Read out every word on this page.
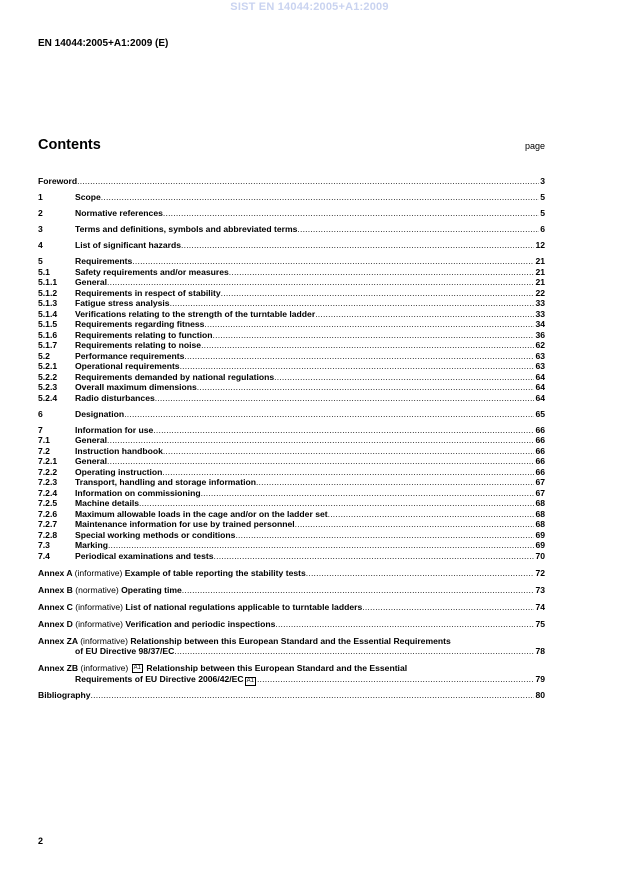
SIST EN 14044:2005+A1:2009
EN 14044:2005+A1:2009 (E)
Contents	page
Foreword .....	3
1	Scope .....	5
2	Normative references .....	5
3	Terms and definitions, symbols and abbreviated terms .....	6
4	List of significant hazards .....	12
5	Requirements .....	21
5.1	Safety requirements and/or measures .....	21
5.1.1	General .....	21
5.1.2	Requirements in respect of stability .....	22
5.1.3	Fatigue stress analysis .....	33
5.1.4	Verifications relating to the strength of the turntable ladder .....	33
5.1.5	Requirements regarding fitness .....	34
5.1.6	Requirements relating to function .....	36
5.1.7	Requirements relating to noise .....	62
5.2	Performance requirements .....	63
5.2.1	Operational requirements .....	63
5.2.2	Requirements demanded by national regulations .....	64
5.2.3	Overall maximum dimensions .....	64
5.2.4	Radio disturbances .....	64
6	Designation .....	65
7	Information for use .....	66
7.1	General .....	66
7.2	Instruction handbook .....	66
7.2.1	General .....	66
7.2.2	Operating instruction .....	66
7.2.3	Transport, handling and storage information .....	67
7.2.4	Information on commissioning .....	67
7.2.5	Machine details .....	68
7.2.6	Maximum allowable loads in the cage and/or on the ladder set .....	68
7.2.7	Maintenance information for use by trained personnel .....	68
7.2.8	Special working methods or conditions .....	69
7.3	Marking .....	69
7.4	Periodical examinations and tests .....	70
Annex A (informative) Example of table reporting the stability tests .....	72
Annex B (normative) Operating time .....	73
Annex C (informative) List of national regulations applicable to turntable ladders .....	74
Annex D (informative) Verification and periodic inspections .....	75
Annex ZA (informative) Relationship between this European Standard and the Essential Requirements
of EU Directive 98/37/EC .....	78
Annex ZB (informative) A1 Relationship between this European Standard and the Essential
Requirements of EU Directive 2006/42/EC A1 .....	79
Bibliography .....	80
2
